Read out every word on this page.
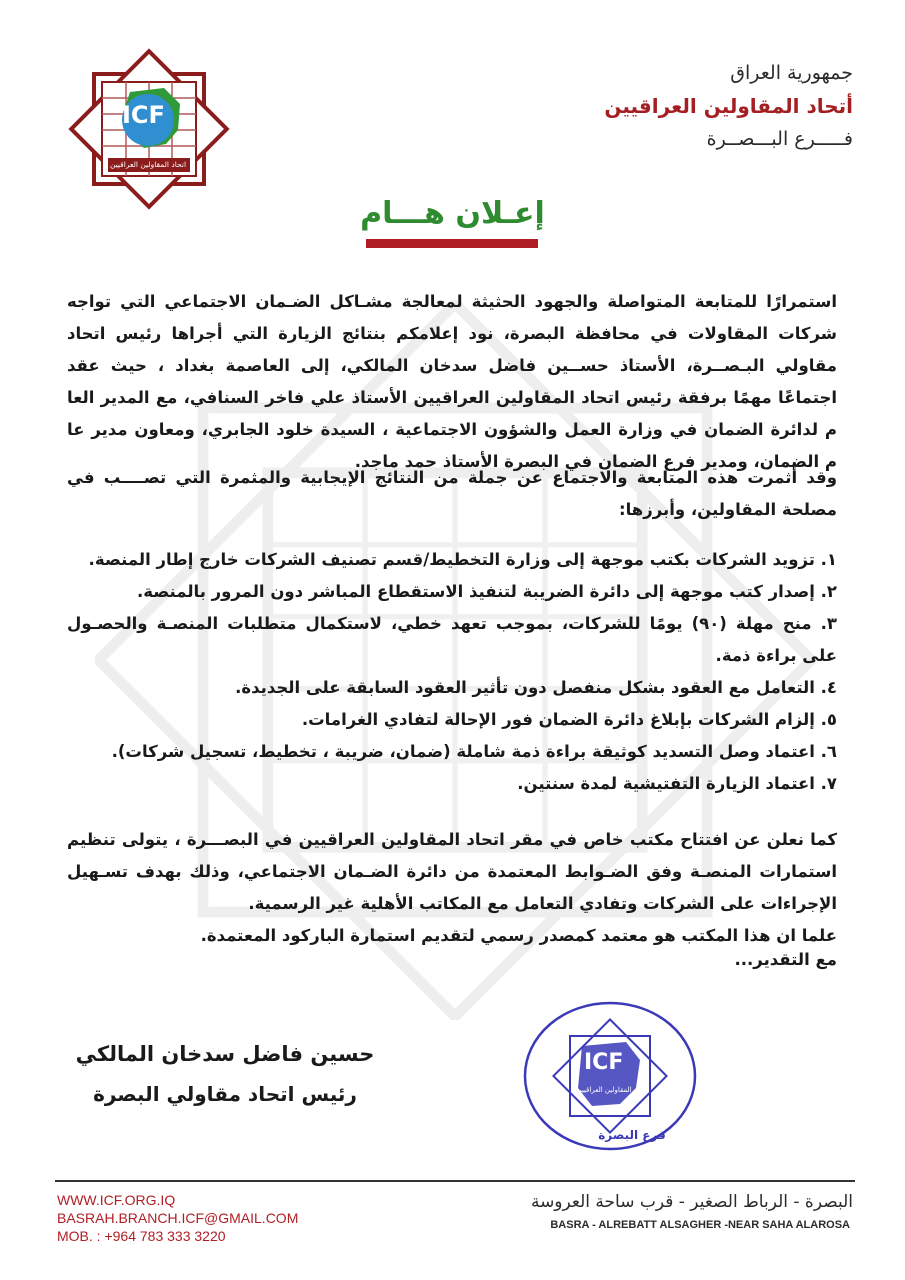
ICF
اتحاد المقاولين العراقيين
جمهورية العراق
أتحاد المقاولين العراقيين
فـــــرع البـــصــرة
إعـلان هـــام
استمرارًا للمتابعة المتواصلة والجهود الحثيثة لمعالجة مشـاكل الضـمان الاجتماعي التي تواجه شركات المقاولات في محافظة البصرة، نود إعلامكم بنتائج الزيارة التي أجراها رئيس اتحاد مقاولي البـصــرة، الأستاذ حســين فاضل سدخان المالكي، إلى العاصمة بغداد ، حيث عقد اجتماعًا مهمًا برفقة رئيس اتحاد المقاولين العراقيين الأستاذ علي فاخر السنافي، مع المدير العا م لدائرة الضمان في وزارة العمل والشؤون الاجتماعية ، السيدة خلود الجابري، ومعاون مدير عا م الضمان، ومدير فرع الضمان في البصرة الأستاذ حمد ماجد.
وقد أثمرت هذه المتابعة والاجتماع عن جملة من النتائج الإيجابية والمثمرة التي تصــــب في مصلحة المقاولين، وأبرزها:
١. تزويد الشركات بكتب موجهة إلى وزارة التخطيط/قسم تصنيف الشركات خارج إطار المنصة.
٢. إصدار كتب موجهة إلى دائرة الضريبة لتنفيذ الاستقطاع المباشر دون المرور بالمنصة.
٣. منح مهلة (٩٠) يومًا للشركات، بموجب تعهد خطي، لاستكمال متطلبات المنصـة والحصـول على براءة ذمة.
٤. التعامل مع العقود بشكل منفصل دون تأثير العقود السابقة على الجديدة.
٥. إلزام الشركات بإبلاغ دائرة الضمان فور الإحالة لتفادي الغرامات.
٦. اعتماد وصل التسديد كوثيقة براءة ذمة شاملة (ضمان، ضريبة ، تخطيط، تسجيل شركات).
٧. اعتماد الزيارة التفتيشية لمدة سنتين.
كما نعلن عن افتتاح مكتب خاص في مقر اتحاد المقاولين العراقيين في البصـــرة ، يتولى تنظيم استمارات المنصـة وفق الضـوابط المعتمدة من دائرة الضـمان الاجتماعي، وذلك بهدف تسـهيل الإجراءات على الشركات وتفادي التعامل مع المكاتب الأهلية غير الرسمية.
علما ان هذا المكتب هو معتمد كمصدر رسمي لتقديم استمارة الباركود المعتمدة.
مع التقدير...
حسين فاضل سدخان المالكي
رئيس اتحاد مقاولي البصرة
ICF
اتحاد المقاولين العراقيين
فرع البصرة
WWW.ICF.ORG.IQ
BASRAH.BRANCH.ICF@GMAIL.COM
MOB. : +964 783 333 3220
البصرة - الرباط الصغير - قرب ساحة العروسة
BASRA - ALREBATT ALSAGHER -NEAR SAHA ALAROSA
